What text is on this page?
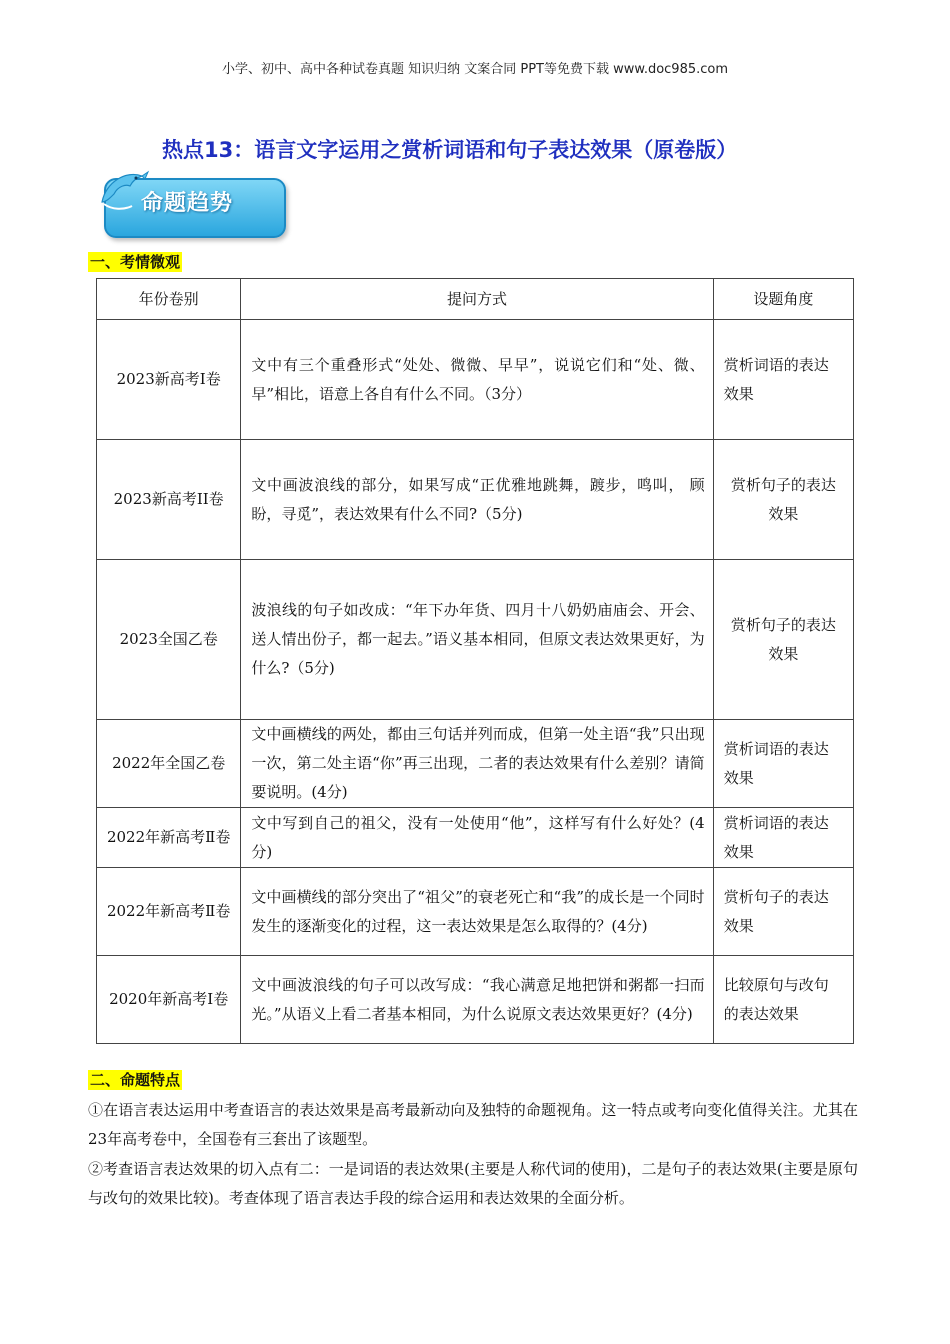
小学、初中、高中各种试卷真题 知识归纳 文案合同 PPT等免费下载 www.doc985.com
热点13：语言文字运用之赏析词语和句子表达效果（原卷版）
命题趋势
一、考情微观
年份卷别	提问方式	设题角度
2023新高考I卷	文中有三个重叠形式“处处、微微、早早”，说说它们和“处、微、早”相比，语意上各自有什么不同。（3分）	赏析词语的表达效果
2023新高考II卷	文中画波浪线的部分，如果写成“正优雅地跳舞，踱步，鸣叫， 顾盼，寻觅”，表达效果有什么不同?（5分)	赏析句子的表达效果
2023全国乙卷	波浪线的句子如改成：“年下办年货、四月十八奶奶庙庙会、开会、送人情出份子，都一起去。”语义基本相同，但原文表达效果更好，为什么?（5分)	赏析句子的表达效果
2022年全国乙卷	文中画横线的两处，都由三句话并列而成，但第一处主语“我”只出现一次，第二处主语“你”再三出现，二者的表达效果有什么差别？请简要说明。(4分)	赏析词语的表达效果
2022年新高考Ⅱ卷	文中写到自己的祖父，没有一处使用“他”，这样写有什么好处？(4分)	赏析词语的表达效果
2022年新高考Ⅱ卷	文中画横线的部分突出了“祖父”的衰老死亡和“我”的成长是一个同时发生的逐渐变化的过程，这一表达效果是怎么取得的？(4分)	赏析句子的表达效果
2020年新高考Ⅰ卷	文中画波浪线的句子可以改写成：“我心满意足地把饼和粥都一扫而光。”从语义上看二者基本相同，为什么说原文表达效果更好？(4分)	比较原句与改句的表达效果
二、命题特点
①在语言表达运用中考查语言的表达效果是高考最新动向及独特的命题视角。这一特点或考向变化值得关注。尤其在23年高考卷中，全国卷有三套出了该题型。
②考查语言表达效果的切入点有二：一是词语的表达效果(主要是人称代词的使用)，二是句子的表达效果(主要是原句与改句的效果比较)。考查体现了语言表达手段的综合运用和表达效果的全面分析。
